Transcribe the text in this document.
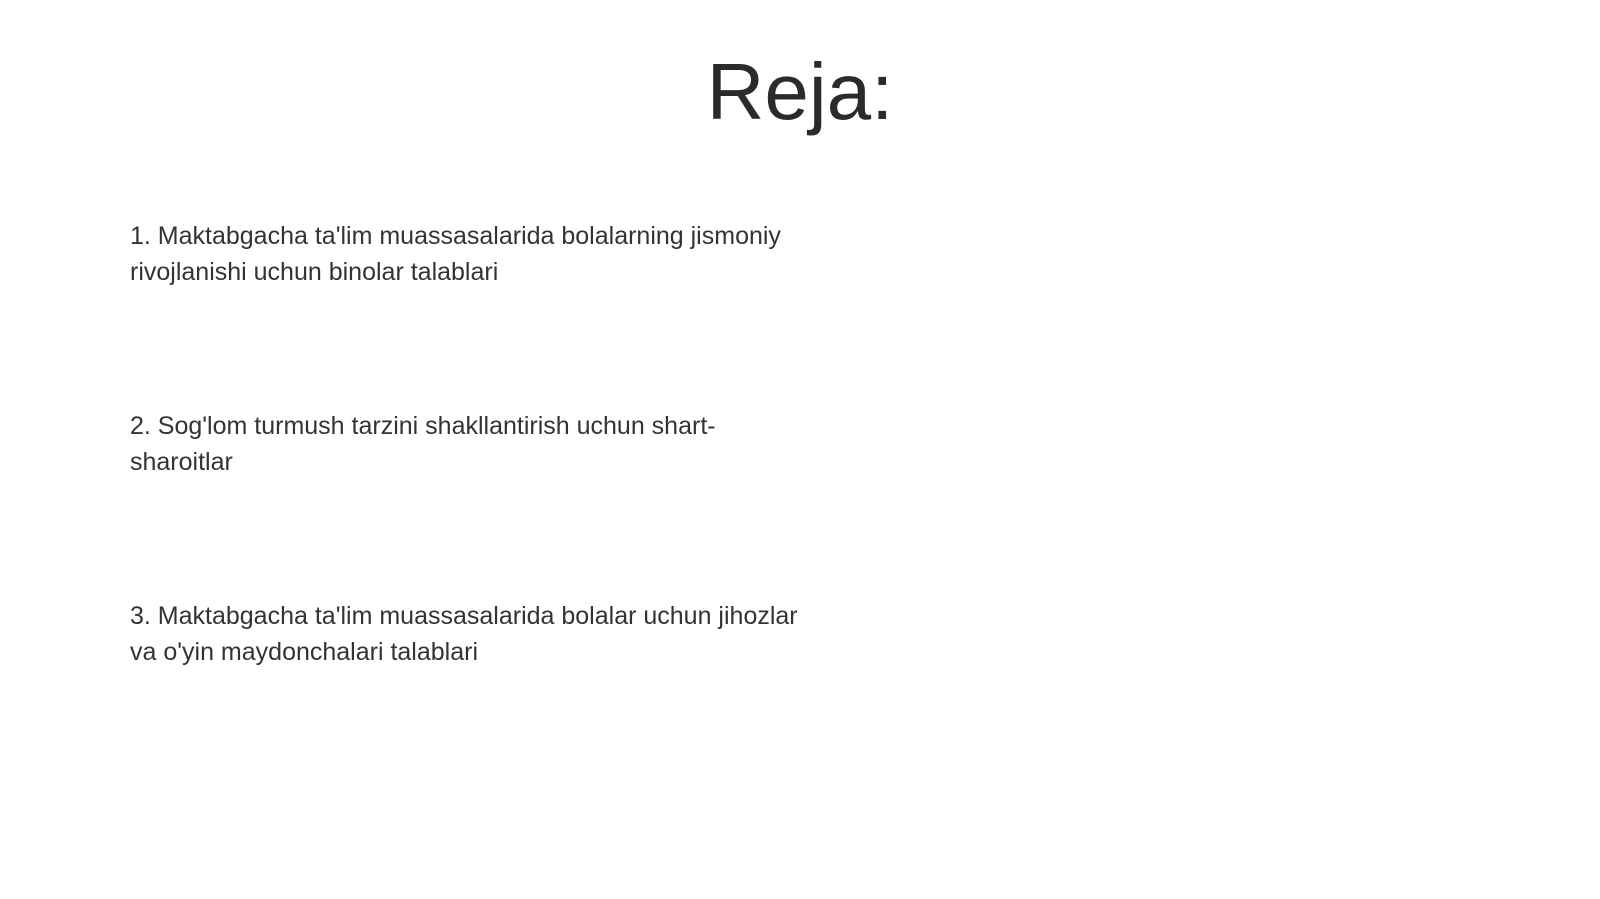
Reja:
1. Maktabgacha ta'lim muassasalarida bolalarning jismoniy rivojlanishi uchun binolar talablari
2. Sog'lom turmush tarzini shakllantirish uchun shart-sharoitlar
3. Maktabgacha ta'lim muassasalarida bolalar uchun jihozlar va o'yin maydonchalari talablari
